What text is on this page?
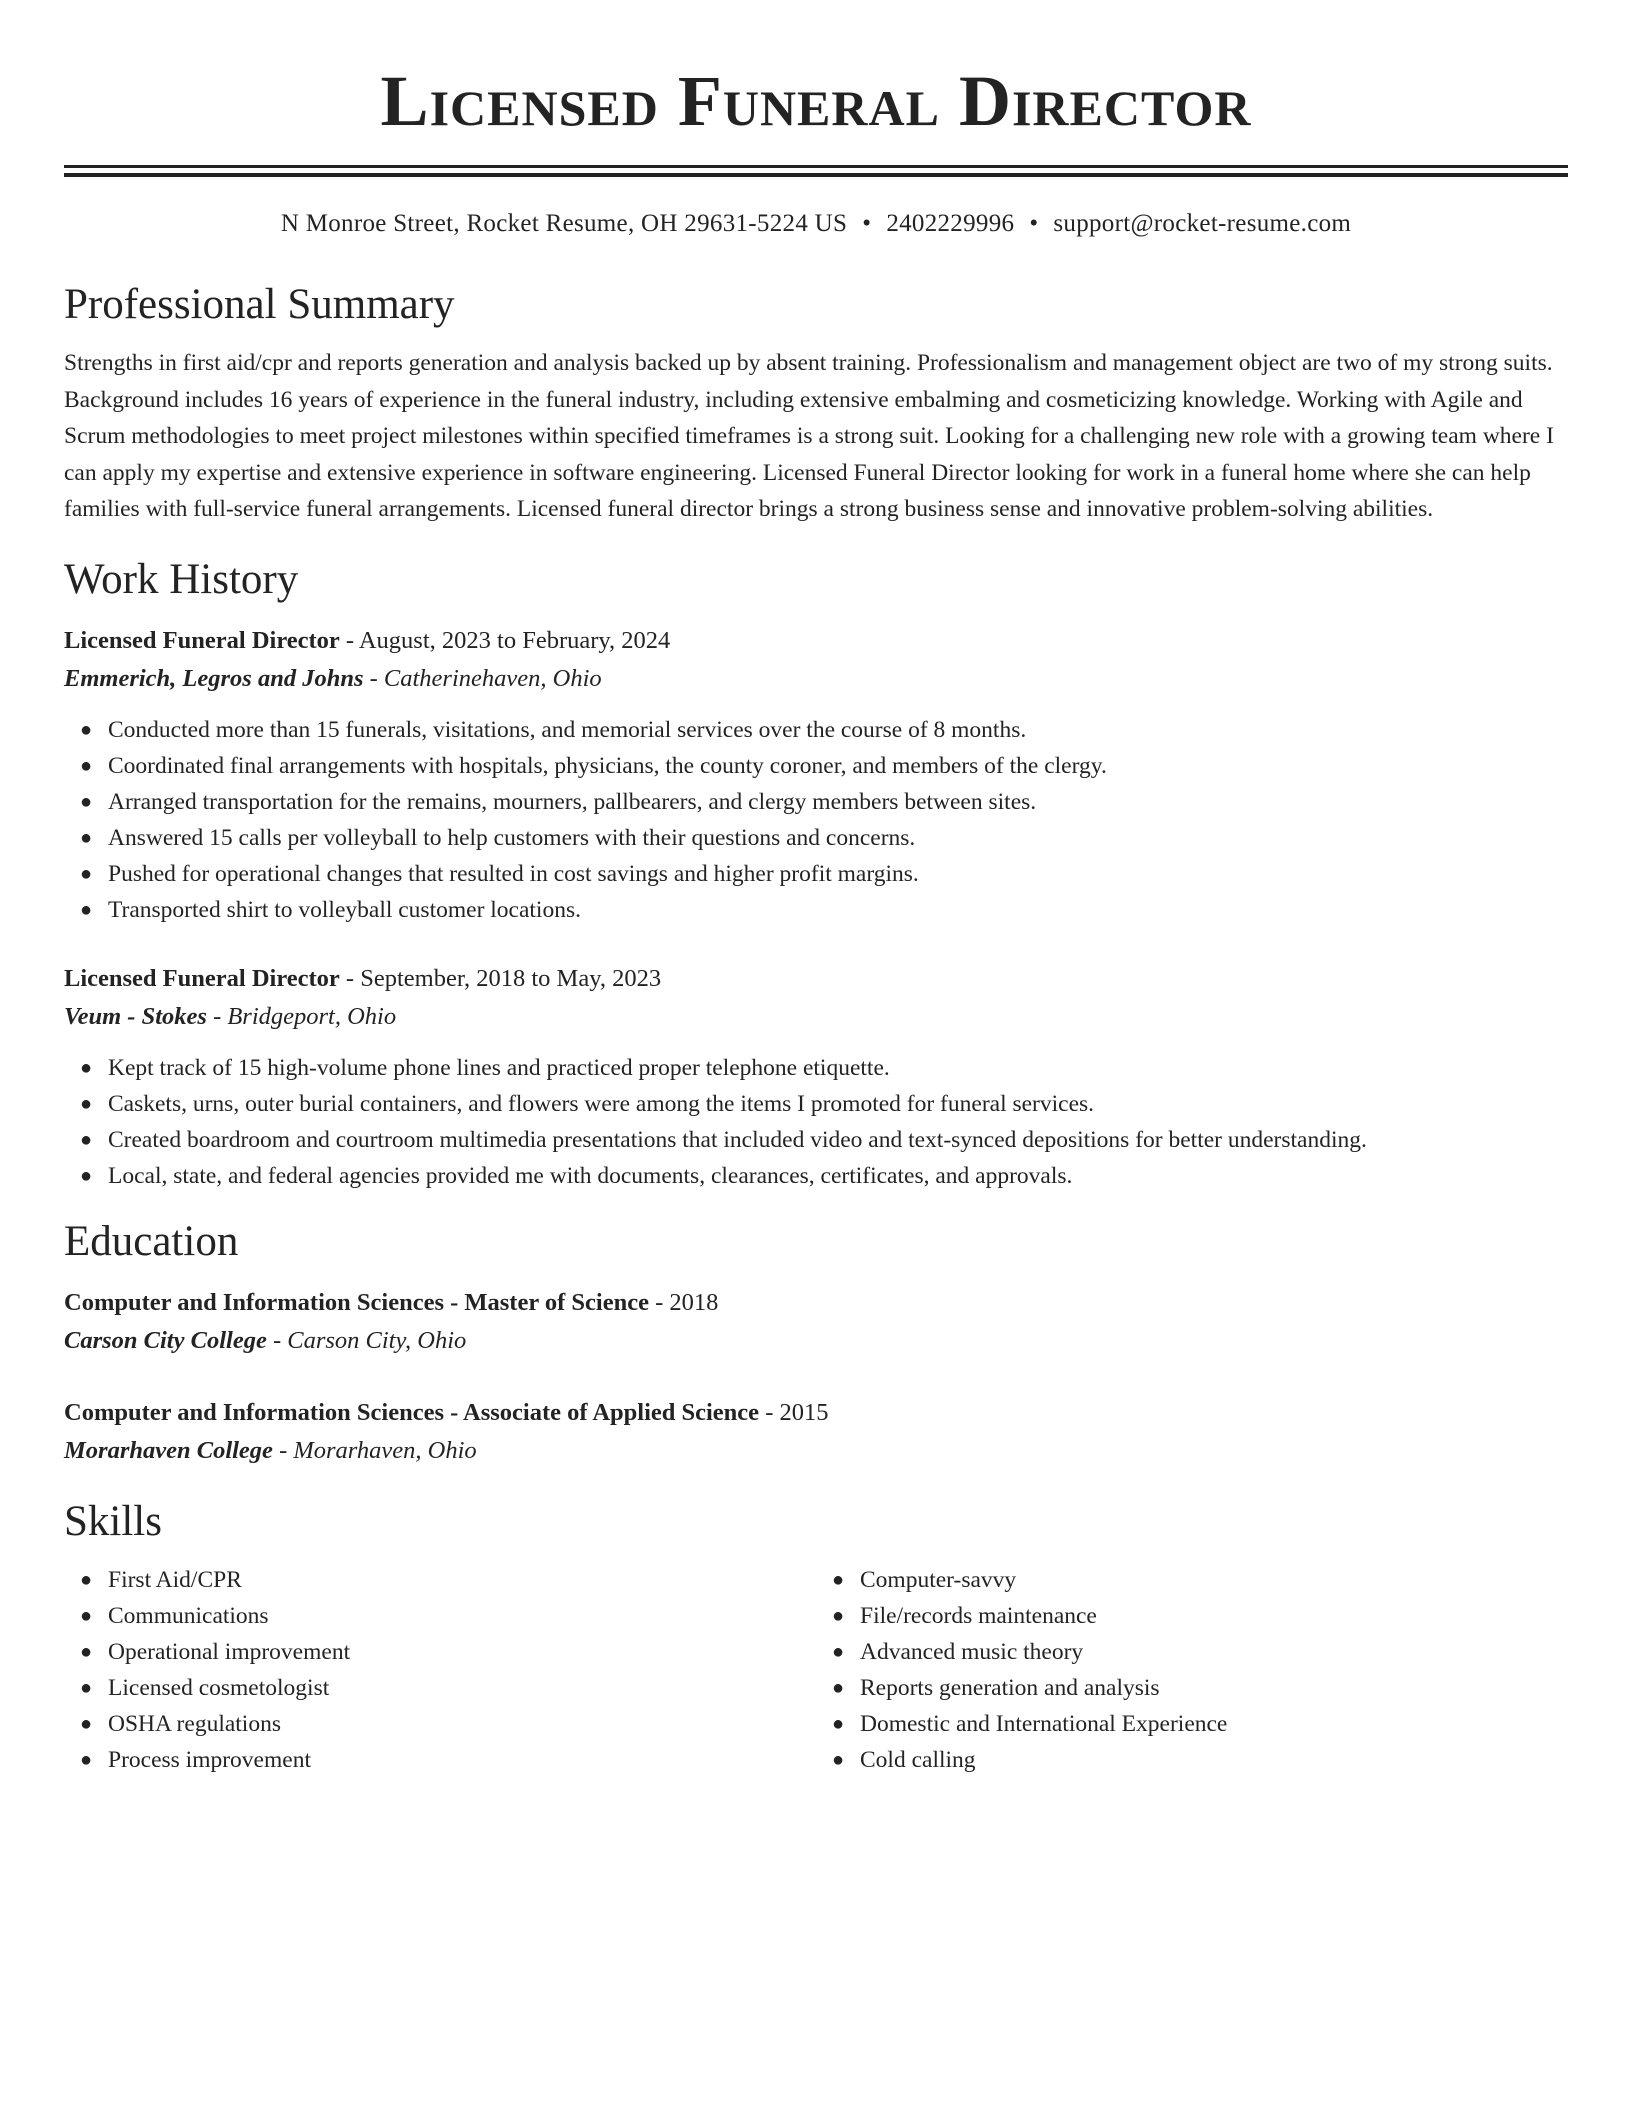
Licensed Funeral Director
N Monroe Street, Rocket Resume, OH 29631-5224 US • 2402229996 • support@rocket-resume.com
Professional Summary

Strengths in first aid/cpr and reports generation and analysis backed up by absent training. Professionalism and management object are two of my strong suits. Background includes 16 years of experience in the funeral industry, including extensive embalming and cosmeticizing knowledge. Working with Agile and Scrum methodologies to meet project milestones within specified timeframes is a strong suit. Looking for a challenging new role with a growing team where I can apply my expertise and extensive experience in software engineering. Licensed Funeral Director looking for work in a funeral home where she can help families with full-service funeral arrangements. Licensed funeral director brings a strong business sense and innovative problem-solving abilities.

Work History
Licensed Funeral Director - August, 2023 to February, 2024
Emmerich, Legros and Johns - Catherinehaven, Ohio
● Conducted more than 15 funerals, visitations, and memorial services over the course of 8 months.
● Coordinated final arrangements with hospitals, physicians, the county coroner, and members of the clergy.
● Arranged transportation for the remains, mourners, pallbearers, and clergy members between sites.
● Answered 15 calls per volleyball to help customers with their questions and concerns.
● Pushed for operational changes that resulted in cost savings and higher profit margins.
● Transported shirt to volleyball customer locations.
Licensed Funeral Director - September, 2018 to May, 2023
Veum - Stokes - Bridgeport, Ohio
● Kept track of 15 high-volume phone lines and practiced proper telephone etiquette.
● Caskets, urns, outer burial containers, and flowers were among the items I promoted for funeral services.
● Created boardroom and courtroom multimedia presentations that included video and text-synced depositions for better understanding.
● Local, state, and federal agencies provided me with documents, clearances, certificates, and approvals.
Education
Computer and Information Sciences - Master of Science - 2018
Carson City College - Carson City, Ohio
Computer and Information Sciences - Associate of Applied Science - 2015
Morarhaven College - Morarhaven, Ohio
Skills
● First Aid/CPR
● Communications
● Operational improvement
● Licensed cosmetologist
● OSHA regulations
● Process improvement
● Computer-savvy
● File/records maintenance
● Advanced music theory
● Reports generation and analysis
● Domestic and International Experience
● Cold calling
